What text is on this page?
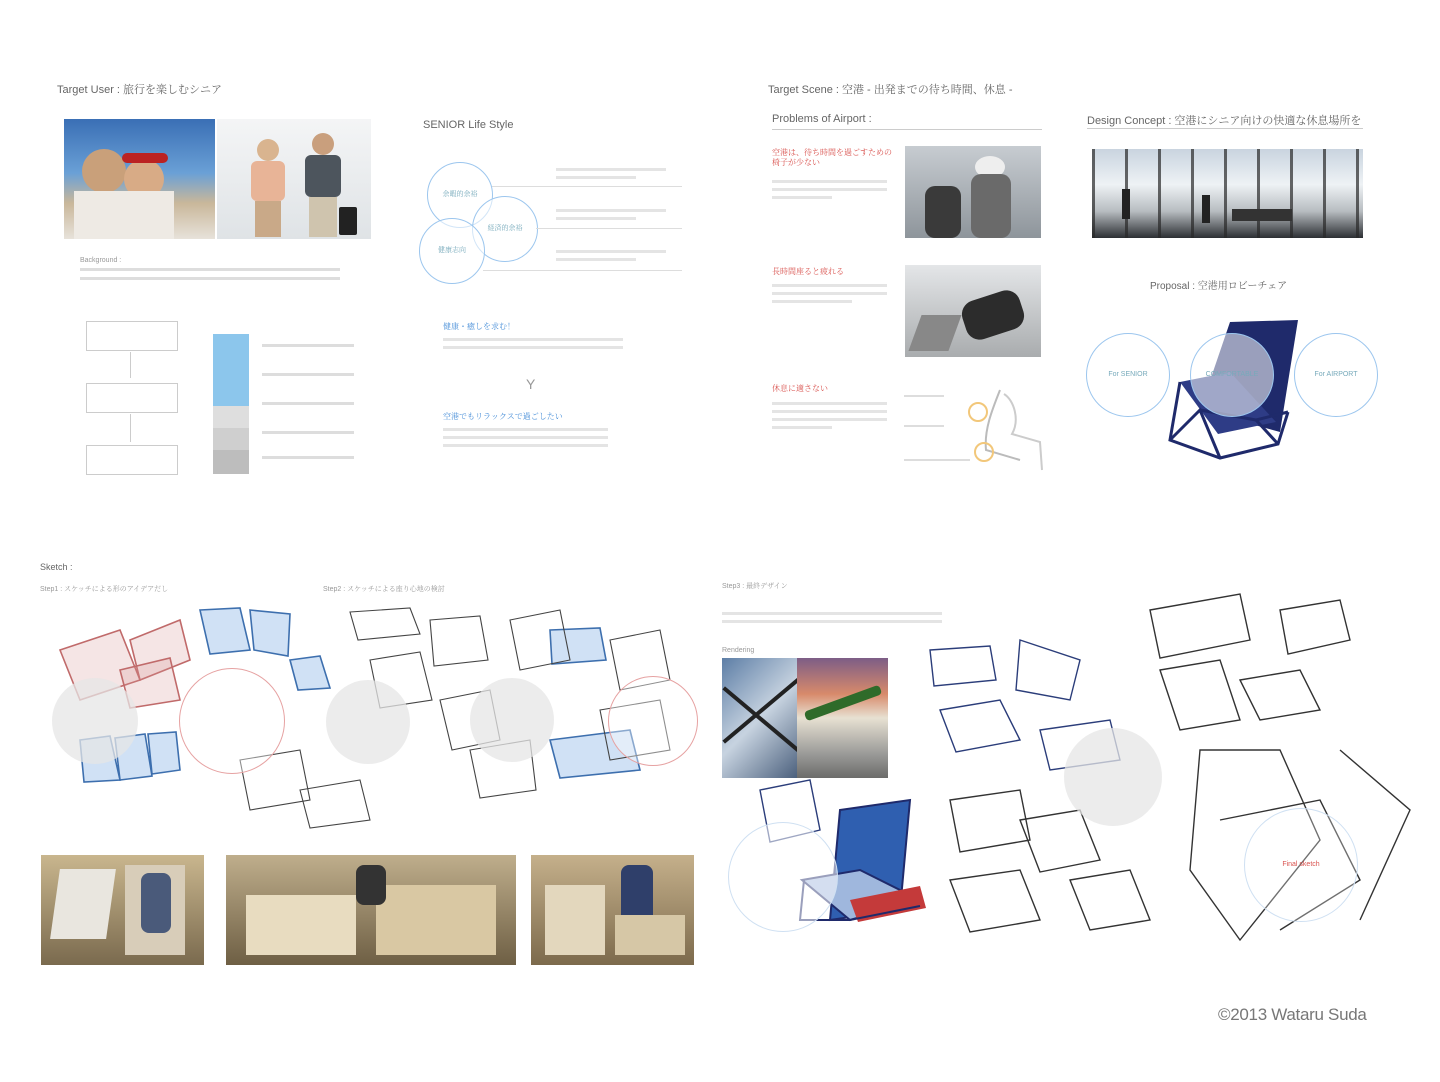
Target User : 旅行を楽しむシニア
Background :
SENIOR Life Style
余暇的余裕
経済的余裕
健康志向
健康・癒しを求む！
Y
空港でもリラックスで過ごしたい
Target Scene : 空港 - 出発までの待ち時間、休息 -
Problems of Airport :
空港は、待ち時間を過ごすための椅子が少ない
長時間座ると疲れる
休息に適さない
Design Concept : 空港にシニア向けの快適な休息場所を
Proposal : 空港用ロビーチェア
For SENIOR	COMFORTABLE	For AIRPORT
Sketch :
Step1 : スケッチによる形のアイデアだし	Step2 : スケッチによる座り心地の検討	Step3 : 最終デザイン
Rendering
Final sketch
©2013 Wataru Suda
